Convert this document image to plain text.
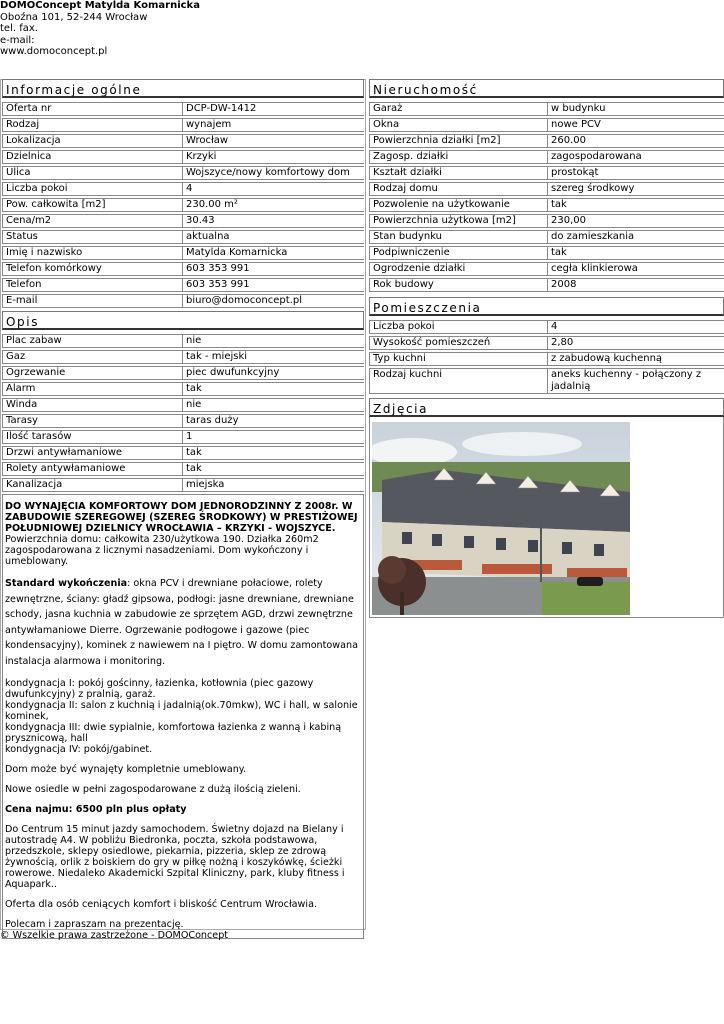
DOMOConcept Matylda Komarnicka
Oboźna 101, 52-244 Wrocław
tel. fax.
e-mail:
www.domoconcept.pl
Informacje ogólne
Oferta nr	DCP-DW-1412
Rodzaj	wynajem
Lokalizacja	Wrocław
Dzielnica	Krzyki
Ulica	Wojszyce/nowy komfortowy dom
Liczba pokoi	4
Pow. całkowita [m2]	230.00 m²
Cena/m2	30.43
Status	aktualna
Imię i nazwisko	Matylda Komarnicka
Telefon komórkowy	603 353 991
Telefon	603 353 991
E-mail	biuro@domoconcept.pl
Opis
Plac zabaw	nie
Gaz	tak - miejski
Ogrzewanie	piec dwufunkcyjny
Alarm	tak
Winda	nie
Tarasy	taras duży
Ilość tarasów	1
Drzwi antywłamaniowe	tak
Rolety antywłamaniowe	tak
Kanalizacja	miejska

DO WYNAJĘCIA KOMFORTOWY DOM JEDNORODZINNY Z 2008r. W ZABUDOWIE SZEREGOWEJ (SZEREG ŚRODKOWY) W PRESTIŻOWEJ POŁUDNIOWEJ DZIELNICY WROCŁAWIA – KRZYKI - WOJSZYCE. Powierzchnia domu: całkowita 230/użytkowa 190. Działka 260m2 zagospodarowana z licznymi nasadzeniami. Dom wykończony i umeblowany.

Standard wykończenia: okna PCV i drewniane połaciowe, rolety zewnętrzne, ściany: gładź gipsowa, podłogi: jasne drewniane, drewniane schody, jasna kuchnia w zabudowie ze sprzętem AGD, drzwi zewnętrzne antywłamaniowe Dierre. Ogrzewanie podłogowe i gazowe (piec kondensacyjny), kominek z nawiewem na I piętro. W domu zamontowana instalacja alarmowa i monitoring.

kondygnacja I: pokój gościnny, łazienka, kotłownia (piec gazowy dwufunkcyjny) z pralnią, garaż.
kondygnacja II: salon z kuchnią i jadalnią(ok.70mkw), WC i hall, w salonie kominek,
kondygnacja III: dwie sypialnie, komfortowa łazienka z wanną i kabiną prysznicową, hall
kondygnacja IV: pokój/gabinet.

Dom może być wynajęty kompletnie umeblowany.

Nowe osiedle w pełni zagospodarowane z dużą ilością zieleni.

Cena najmu: 6500 pln plus opłaty

Do Centrum 15 minut jazdy samochodem. Świetny dojazd na Bielany i autostradę A4. W pobliżu Biedronka, poczta, szkoła podstawowa, przedszkole, sklepy osiedlowe, piekarnia, pizzeria, sklep ze zdrową żywnością, orlik z boiskiem do gry w piłkę nożną i koszykówkę, ścieżki rowerowe. Niedaleko Akademicki Szpital Kliniczny, park, kluby fitness i Aquapark..

Oferta dla osób ceniących komfort i bliskość Centrum Wrocławia.

Polecam i zapraszam na prezentację.

Nieruchomość
Garaż	w budynku
Okna	nowe PCV
Powierzchnia działki [m2]	260.00
Zagosp. działki	zagospodarowana
Kształt działki	prostokąt
Rodzaj domu	szereg środkowy
Pozwolenie na użytkowanie	tak
Powierzchnia użytkowa [m2]	230,00
Stan budynku	do zamieszkania
Podpiwniczenie	tak
Ogrodzenie działki	cegła klinkierowa
Rok budowy	2008
Pomieszczenia
Liczba pokoi	4
Wysokość pomieszczeń	2,80
Typ kuchni	z zabudową kuchenną
Rodzaj kuchni	aneks kuchenny - połączony z jadalnią
Zdjęcia
© Wszelkie prawa zastrzeżone - DOMOConcept
